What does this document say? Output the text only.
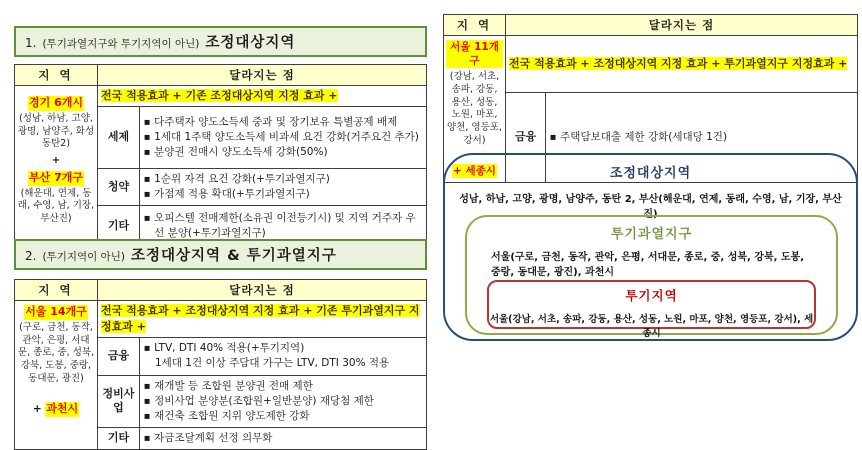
1. (투기과열지구와 투기지역이 아닌) 조정대상지역
지 역	달라지는 점	
경기 6개시
(성남, 하남, 고양, 광명, 남양주, 화성 동탄2)
+
부산 7개구
(해운대, 연제, 동래, 수영, 남, 기장, 부산진)	전국 적용효과 + 기존 조정대상지역 지정 효과 +	
	세제	
■
다주택자 양도소득세 중과 및 장기보유 특별공제 배제
■
1세대 1주택 양도소득세 비과세 요건 강화(거주요건 추가)
■
분양권 전매시 양도소득세 강화(50%)

	청약	
■
1순위 자격 요건 강화(+투기과열지구)
■
가점제 적용 확대(+투기과열지구)

	기타	
■
오피스텔 전매제한(소유권 이전등기시) 및 지역 거주자 우선 분양(+투기과열지구)
2. (투기지역이 아닌) 조정대상지역 & 투기과열지구
지 역	달라지는 점	
서울 14개구
(구로, 금천, 동작, 관악, 은평, 서대문, 종로, 중, 성북, 강북, 도봉, 중랑, 동대문, 광진)
+ 과천시	전국 적용효과 + 조정대상지역 지정 효과 + 기존 투기과열지구 지정효과 +	
	금융	
■
LTV, DTI 40% 적용(+투기지역)
1세대 1건 이상 주담대 가구는 LTV, DTI 30% 적용

	정비사업	
■
재개발 등 조합원 분양권 전매 제한
■
정비사업 분양분(조합원+일반분양) 재당첨 제한
■
재건축 조합원 지위 양도제한 강화

	기타	
■자금조달계획 선정 의무화
지 역	달라지는 점	
서울 11개구
(강남, 서초, 송파, 강동, 용산, 성동, 노원, 마포, 양천, 영등포, 강서)
+ 세종시	전국 적용효과 + 조정대상지역 지정 효과 + 투기과열지구 지정효과 +	
	금융	
■주택담보대출 제한 강화(세대당 1건)
조정대상지역
성남, 하남, 고양, 광명, 남양주, 동탄 2, 부산(해운대, 연제, 동래, 수영, 남, 기장, 부산진)
투기과열지구
서울(구로, 금천, 동작, 관악, 은평, 서대문, 종로, 중, 성북, 강북, 도봉, 중랑, 동대문, 광진), 과천시
투기지역
서울(강남, 서초, 송파, 강동, 용산, 성동, 노원, 마포, 양천, 영등포, 강서), 세종시
